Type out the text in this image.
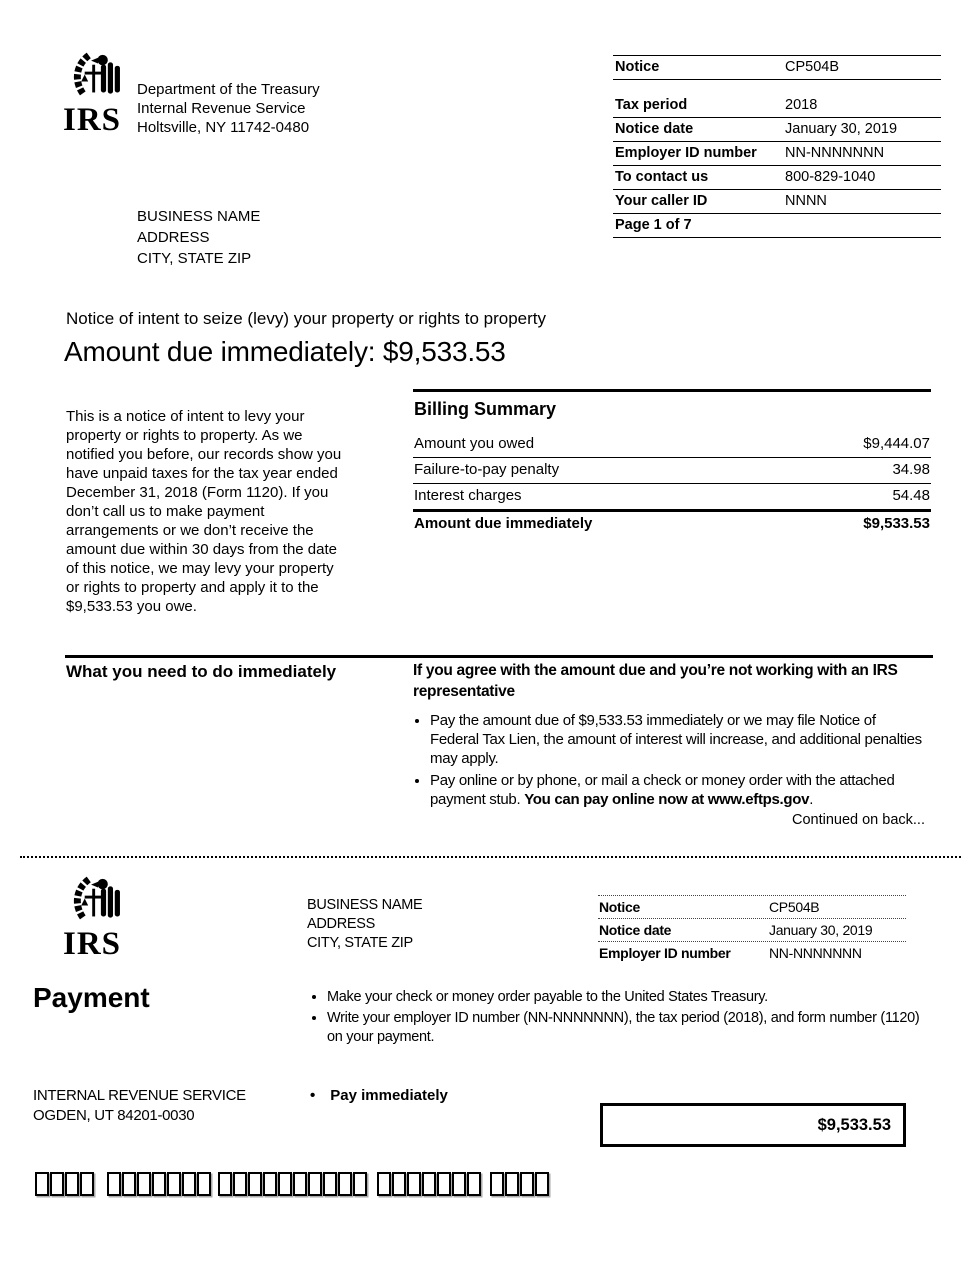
IRS
Department of the Treasury
Internal Revenue Service
Holtsville, NY 11742-0480
Notice	CP504B
Tax period	2018
Notice date	January 30, 2019
Employer ID number	NN-NNNNNNN
To contact us	800-829-1040
Your caller ID	NNNN
Page 1 of 7
BUSINESS NAME
ADDRESS
CITY, STATE ZIP
Notice of intent to seize (levy) your property or rights to property
Amount due immediately: $9,533.53
This is a notice of intent to levy your property or rights to property. As we notified you before, our records show you have unpaid taxes for the tax year ended December 31, 2018 (Form 1120). If you don’t call us to make payment arrangements or we don’t receive the amount due within 30 days from the date of this notice, we may levy your property or rights to property and apply it to the $9,533.53 you owe.
Billing Summary
Amount you owed	$9,444.07
Failure-to-pay penalty	34.98
Interest charges	54.48
Amount due immediately	$9,533.53
What you need to do immediately	If you agree with the amount due and you’re not working with an IRS representative
• Pay the amount due of $9,533.53 immediately or we may file Notice of Federal Tax Lien, the amount of interest will increase, and additional penalties may apply.
• Pay online or by phone, or mail a check or money order with the attached payment stub. You can pay online now at www.eftps.gov.
Continued on back...
IRS
BUSINESS NAME
ADDRESS
CITY, STATE ZIP
Notice	CP504B
Notice date	January 30, 2019
Employer ID number	NN-NNNNNNN
Payment	• Make your check or money order payable to the United States Treasury.
• Write your employer ID number (NN-NNNNNNN), the tax period (2018), and form number (1120) on your payment.
INTERNAL REVENUE SERVICE
OGDEN, UT 84201-0030
• Pay immediately
$9,533.53
